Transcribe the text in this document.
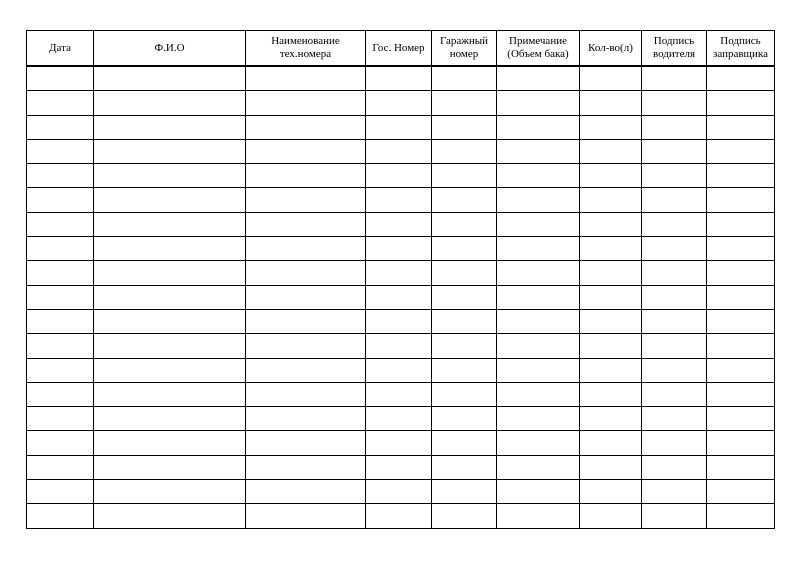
Дата	Ф.И.О	Наименование тех.номера	Гос. Номер	Гаражный номер	Примечание (Объем бака)	Кол-во(л)	Подпись водителя	Подпись заправщика
